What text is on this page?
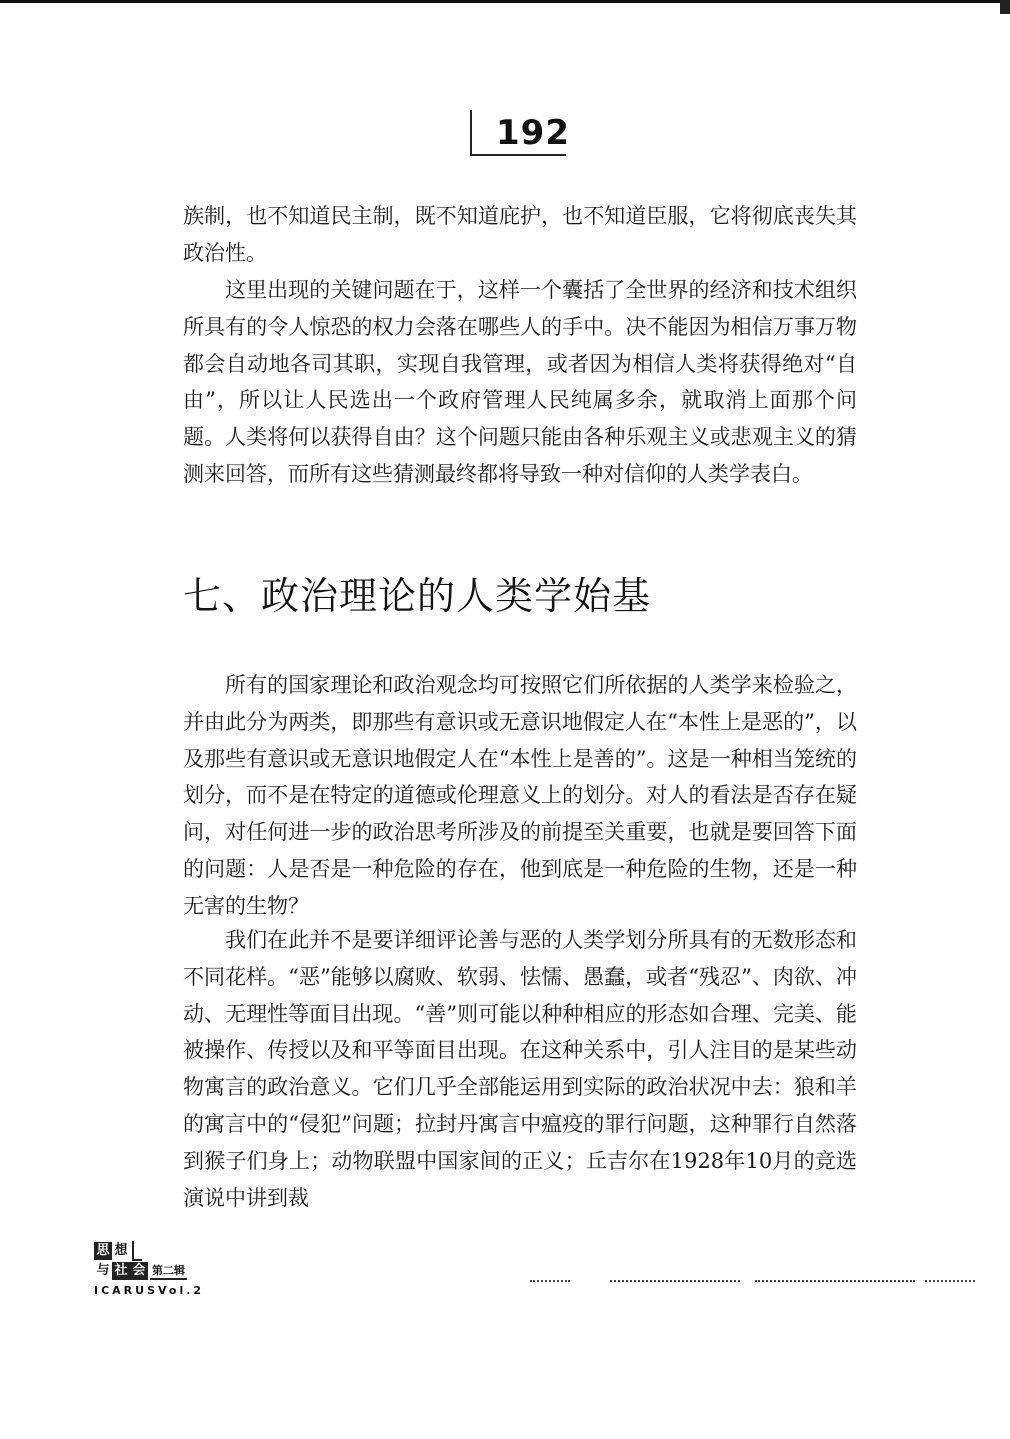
192

族制，也不知道民主制，既不知道庇护，也不知道臣服，它将彻底丧失其政治性。

这里出现的关键问题在于，这样一个囊括了全世界的经济和技术组织所具有的令人惊恐的权力会落在哪些人的手中。决不能因为相信万事万物都会自动地各司其职，实现自我管理，或者因为相信人类将获得绝对“自由”，所以让人民选出一个政府管理人民纯属多余，就取消上面那个问题。人类将何以获得自由？这个问题只能由各种乐观主义或悲观主义的猜测来回答，而所有这些猜测最终都将导致一种对信仰的人类学表白。

七、政治理论的人类学始基

所有的国家理论和政治观念均可按照它们所依据的人类学来检验之，并由此分为两类，即那些有意识或无意识地假定人在“本性上是恶的”，以及那些有意识或无意识地假定人在“本性上是善的”。这是一种相当笼统的划分，而不是在特定的道德或伦理意义上的划分。对人的看法是否存在疑问，对任何进一步的政治思考所涉及的前提至关重要，也就是要回答下面的问题：人是否是一种危险的存在，他到底是一种危险的生物，还是一种无害的生物？

我们在此并不是要详细评论善与恶的人类学划分所具有的无数形态和不同花样。“恶”能够以腐败、软弱、怯懦、愚蠢，或者“残忍”、肉欲、冲动、无理性等面目出现。“善”则可能以种种相应的形态如合理、完美、能被操作、传授以及和平等面目出现。在这种关系中，引人注目的是某些动物寓言的政治意义。它们几乎全部能运用到实际的政治状况中去：狼和羊的寓言中的“侵犯”问题；拉封丹寓言中瘟疫的罪行问题，这种罪行自然落到猴子们身上；动物联盟中国家间的正义；丘吉尔在1928年10月的竞选演说中讲到裁

思 想
与 社 会 第二辑
ICARUSVol.2
